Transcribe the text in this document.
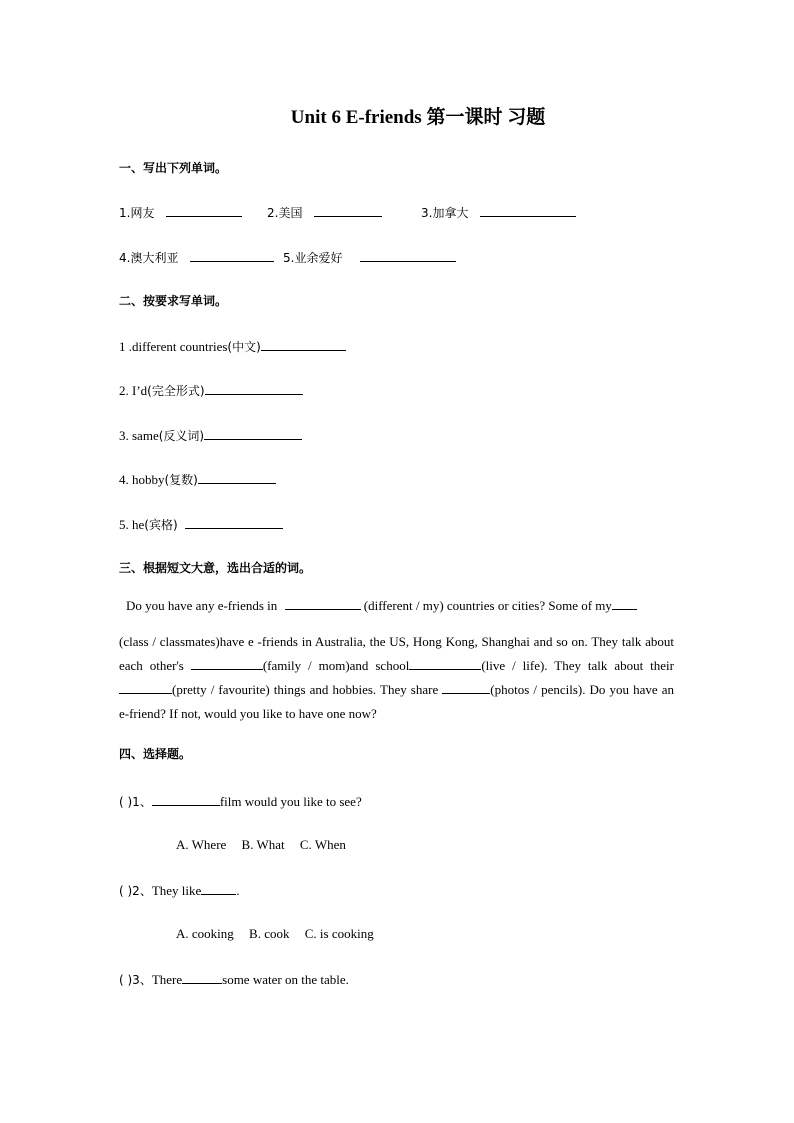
Unit 6 E-friends 第一课时 习题
一、写出下列单词。
1.网友	2.美国	3.加拿大
4.澳大利亚	5.业余爱好
二、按要求写单词。
1 .different countries(中文)
2. I’d(完全形式)
3. same(反义词)
4. hobby(复数)
5. he(宾格)
三、根据短文大意，选出合适的词。
Do you have any e-friends in	(different / my) countries or cities? Some of my
(class / classmates)have e -friends in Australia, the US, Hong Kong, Shanghai and so on. They talk about each other's	(family / mom)and school	(live / life). They talk about their(pretty / favourite) things and hobbies. They share	(photos / pencils). Do you have an e-friend? If not, would you like to have one now?
四、选择题。
( )1、	film would you like to see?
A. Where B. What C. When
( )2、They like	.
A. cooking B. cook C. is cooking
( )3、There	some water on the table.
